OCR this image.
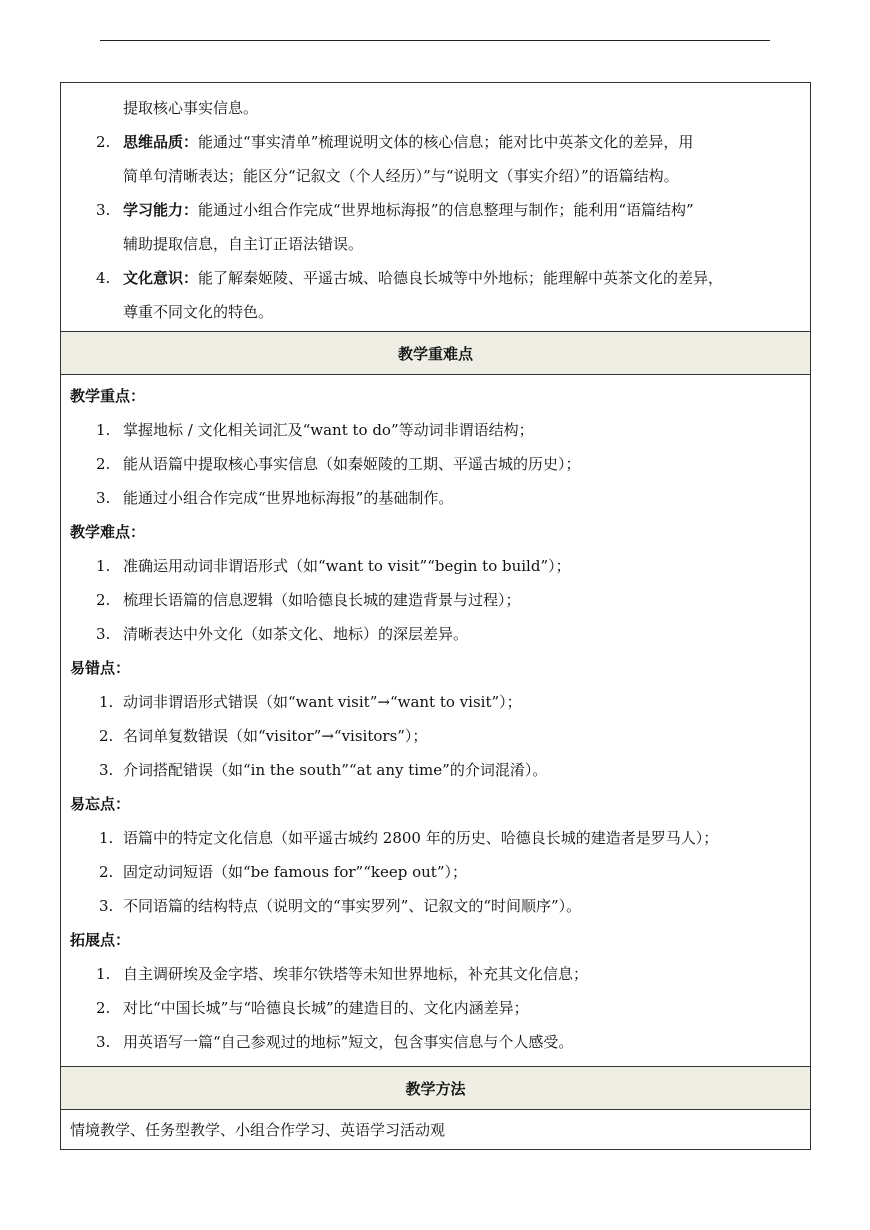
提取核心事实信息。
2. 思维品质：能通过“事实清单”梳理说明文体的核心信息；能对比中英茶文化的差异，用
简单句清晰表达；能区分“记叙文（个人经历）”与“说明文（事实介绍）”的语篇结构。
3. 学习能力：能通过小组合作完成“世界地标海报”的信息整理与制作；能利用“语篇结构”
辅助提取信息，自主订正语法错误。
4. 文化意识：能了解秦姬陵、平遥古城、哈德良长城等中外地标；能理解中英茶文化的差异，
尊重不同文化的特色。
教学重难点
教学重点：
1. 掌握地标 / 文化相关词汇及“want to do”等动词非谓语结构；
2. 能从语篇中提取核心事实信息（如秦姬陵的工期、平遥古城的历史）；
3. 能通过小组合作完成“世界地标海报”的基础制作。
教学难点：
1. 准确运用动词非谓语形式（如“want to visit”“begin to build”）；
2. 梳理长语篇的信息逻辑（如哈德良长城的建造背景与过程）；
3. 清晰表达中外文化（如茶文化、地标）的深层差异。
易错点：
1. 动词非谓语形式错误（如“want visit”→“want to visit”）；
2. 名词单复数错误（如“visitor”→“visitors”）；
3. 介词搭配错误（如“in the south”“at any time”的介词混淆）。
易忘点：
1. 语篇中的特定文化信息（如平遥古城约 2800 年的历史、哈德良长城的建造者是罗马人）；
2. 固定动词短语（如“be famous for”“keep out”）；
3. 不同语篇的结构特点（说明文的“事实罗列”、记叙文的“时间顺序”）。
拓展点：
1. 自主调研埃及金字塔、埃菲尔铁塔等未知世界地标，补充其文化信息；
2. 对比“中国长城”与“哈德良长城”的建造目的、文化内涵差异；
3. 用英语写一篇“自己参观过的地标”短文，包含事实信息与个人感受。
教学方法
情境教学、任务型教学、小组合作学习、英语学习活动观
